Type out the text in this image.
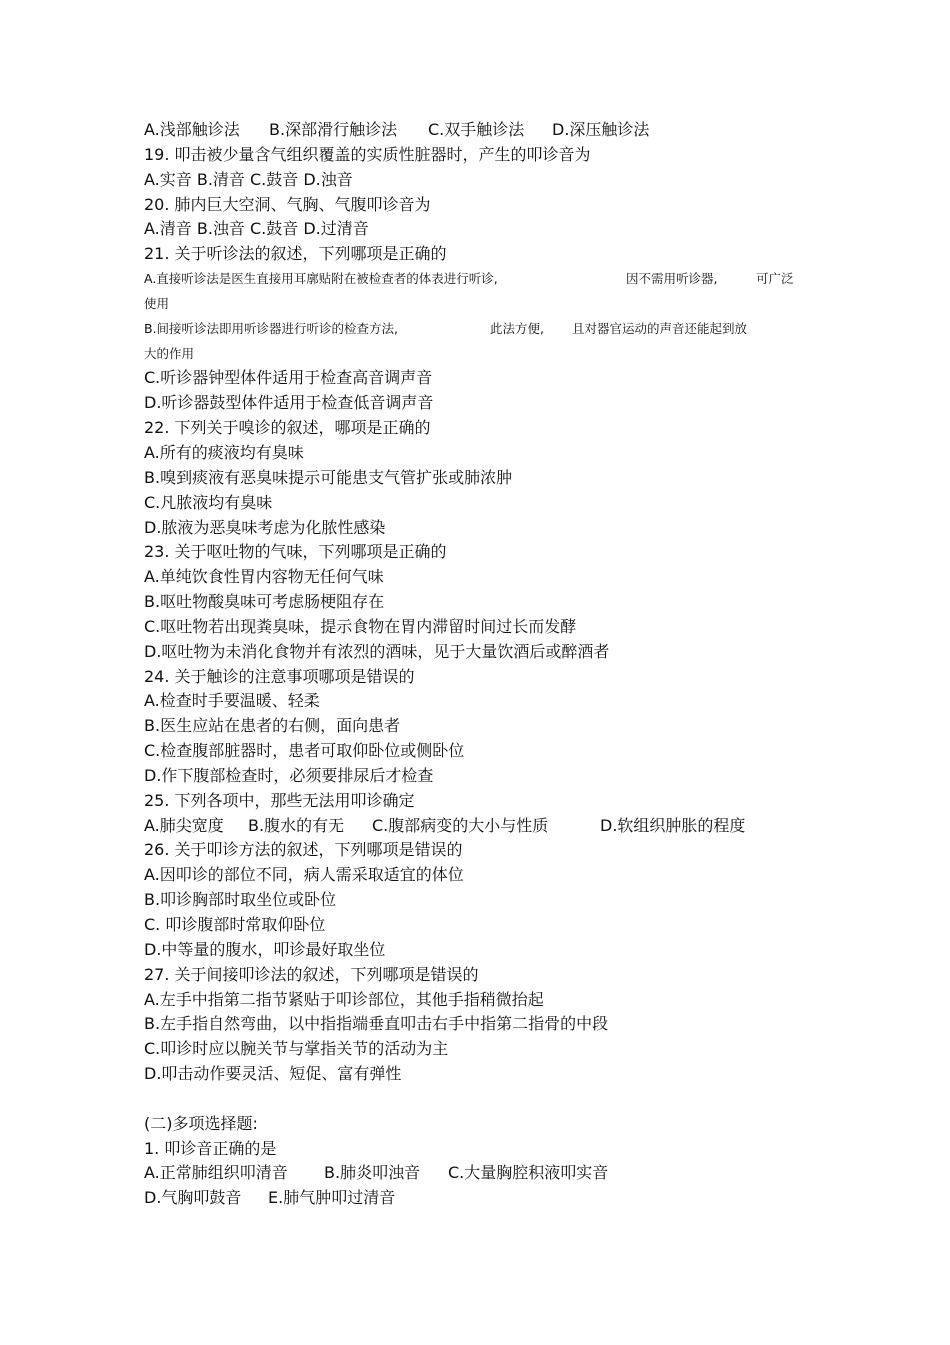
A.浅部触诊法 B.深部滑行触诊法 C.双手触诊法 D.深压触诊法
19. 叩击被少量含气组织覆盖的实质性脏器时，产生的叩诊音为
A.实音 B.清音 C.鼓音 D.浊音
20. 肺内巨大空洞、气胸、气腹叩诊音为
A.清音 B.浊音 C.鼓音 D.过清音
21. 关于听诊法的叙述，下列哪项是正确的
A.直接听诊法是医生直接用耳廓贴附在被检查者的体表进行听诊,	因不需用听诊器,	可广泛
使用
B.间接听诊法即用听诊器进行听诊的检查方法,	此法方便, 且对器官运动的声音还能起到放
大的作用
C.听诊器钟型体件适用于检查高音调声音
D.听诊器鼓型体件适用于检查低音调声音
22. 下列关于嗅诊的叙述，哪项是正确的
A.所有的痰液均有臭味
B.嗅到痰液有恶臭味提示可能患支气管扩张或肺浓肿
C.凡脓液均有臭味
D.脓液为恶臭味考虑为化脓性感染
23. 关于呕吐物的气味，下列哪项是正确的
A.单纯饮食性胃内容物无任何气味
B.呕吐物酸臭味可考虑肠梗阻存在
C.呕吐物若出现粪臭味，提示食物在胃内滞留时间过长而发酵
D.呕吐物为未消化食物并有浓烈的酒味，见于大量饮酒后或醉酒者
24. 关于触诊的注意事项哪项是错误的
A.检查时手要温暖、轻柔
B.医生应站在患者的右侧，面向患者
C.检查腹部脏器时，患者可取仰卧位或侧卧位
D.作下腹部检查时，必须要排尿后才检查
25. 下列各项中，那些无法用叩诊确定
A.肺尖宽度 B.腹水的有无 C.腹部病变的大小与性质	D.软组织肿胀的程度
26. 关于叩诊方法的叙述，下列哪项是错误的
A.因叩诊的部位不同，病人需采取适宜的体位
B.叩诊胸部时取坐位或卧位
C. 叩诊腹部时常取仰卧位
D.中等量的腹水，叩诊最好取坐位
27. 关于间接叩诊法的叙述，下列哪项是错误的
A.左手中指第二指节紧贴于叩诊部位，其他手指稍微抬起
B.左手指自然弯曲，以中指指端垂直叩击右手中指第二指骨的中段
C.叩诊时应以腕关节与掌指关节的活动为主
D.叩击动作要灵活、短促、富有弹性
(二)多项选择题:
1. 叩诊音正确的是
A.正常肺组织叩清音 B.肺炎叩浊音 C.大量胸腔积液叩实音
D.气胸叩鼓音 E.肺气肿叩过清音
